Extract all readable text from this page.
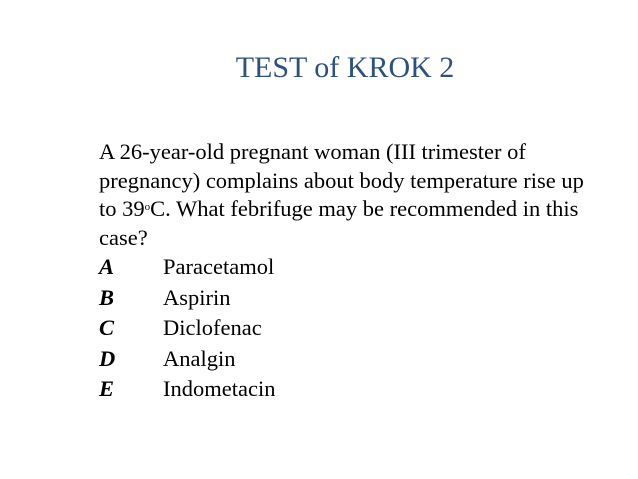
TEST of KROK 2

A 26-year-old pregnant woman (III trimester of pregnancy) complains about body temperature rise up to 39$^o$C. What febrifuge may be recommended in this case?

A	Paracetamol
B	Aspirin
C	Diclofenac
D	Analgin
E	Indometacin
